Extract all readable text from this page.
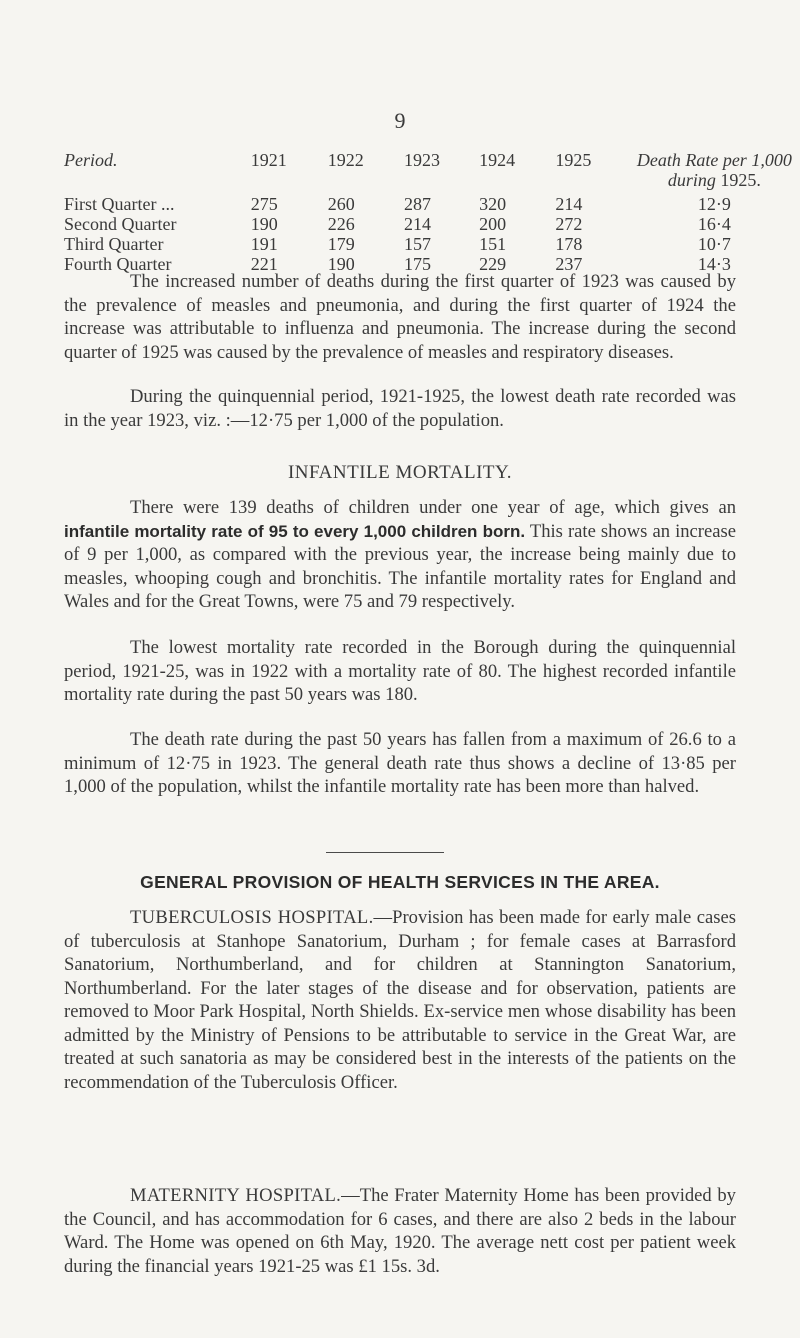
9
Period.	1921	1922	1923	1924	1925	Death Rate per 1,000
during 1925.

First Quarter ...	275	260	287	320	214	12·9
Second Quarter	190	226	214	200	272	16·4
Third Quarter	191	179	157	151	178	10·7
Fourth Quarter	221	190	175	229	237	14·3

The increased number of deaths during the first quarter of 1923 was caused by the prevalence of measles and pneumonia, and during the first quarter of 1924 the increase was attributable to influenza and pneumonia. The increase during the second quarter of 1925 was caused by the prevalence of measles and respiratory diseases.

During the quinquennial period, 1921-1925, the lowest death rate recorded was in the year 1923, viz. :—12·75 per 1,000 of the population.

INFANTILE MORTALITY.

There were 139 deaths of children under one year of age, which gives an infantile mortality rate of 95 to every 1,000 children born. This rate shows an increase of 9 per 1,000, as compared with the previous year, the increase being mainly due to measles, whooping cough and bronchitis. The infantile mortality rates for England and Wales and for the Great Towns, were 75 and 79 respectively.

The lowest mortality rate recorded in the Borough during the quinquennial period, 1921-25, was in 1922 with a mortality rate of 80. The highest recorded infantile mortality rate during the past 50 years was 180.

The death rate during the past 50 years has fallen from a maximum of 26.6 to a minimum of 12·75 in 1923. The general death rate thus shows a decline of 13·85 per 1,000 of the population, whilst the infantile mortality rate has been more than halved.

GENERAL PROVISION OF HEALTH SERVICES IN THE AREA.

TUBERCULOSIS HOSPITAL.—Provision has been made for early male cases of tuberculosis at Stanhope Sanatorium, Durham ; for female cases at Barrasford Sanatorium, Northumberland, and for children at Stannington Sanatorium, Northumberland. For the later stages of the disease and for observation, patients are removed to Moor Park Hospital, North Shields. Ex-service men whose disability has been admitted by the Ministry of Pensions to be attributable to service in the Great War, are treated at such sanatoria as may be considered best in the interests of the patients on the recommendation of the Tuberculosis Officer.

MATERNITY HOSPITAL.—The Frater Maternity Home has been provided by the Council, and has accommodation for 6 cases, and there are also 2 beds in the labour Ward. The Home was opened on 6th May, 1920. The average nett cost per patient week during the financial years 1921-25 was £1 15s. 3d.
